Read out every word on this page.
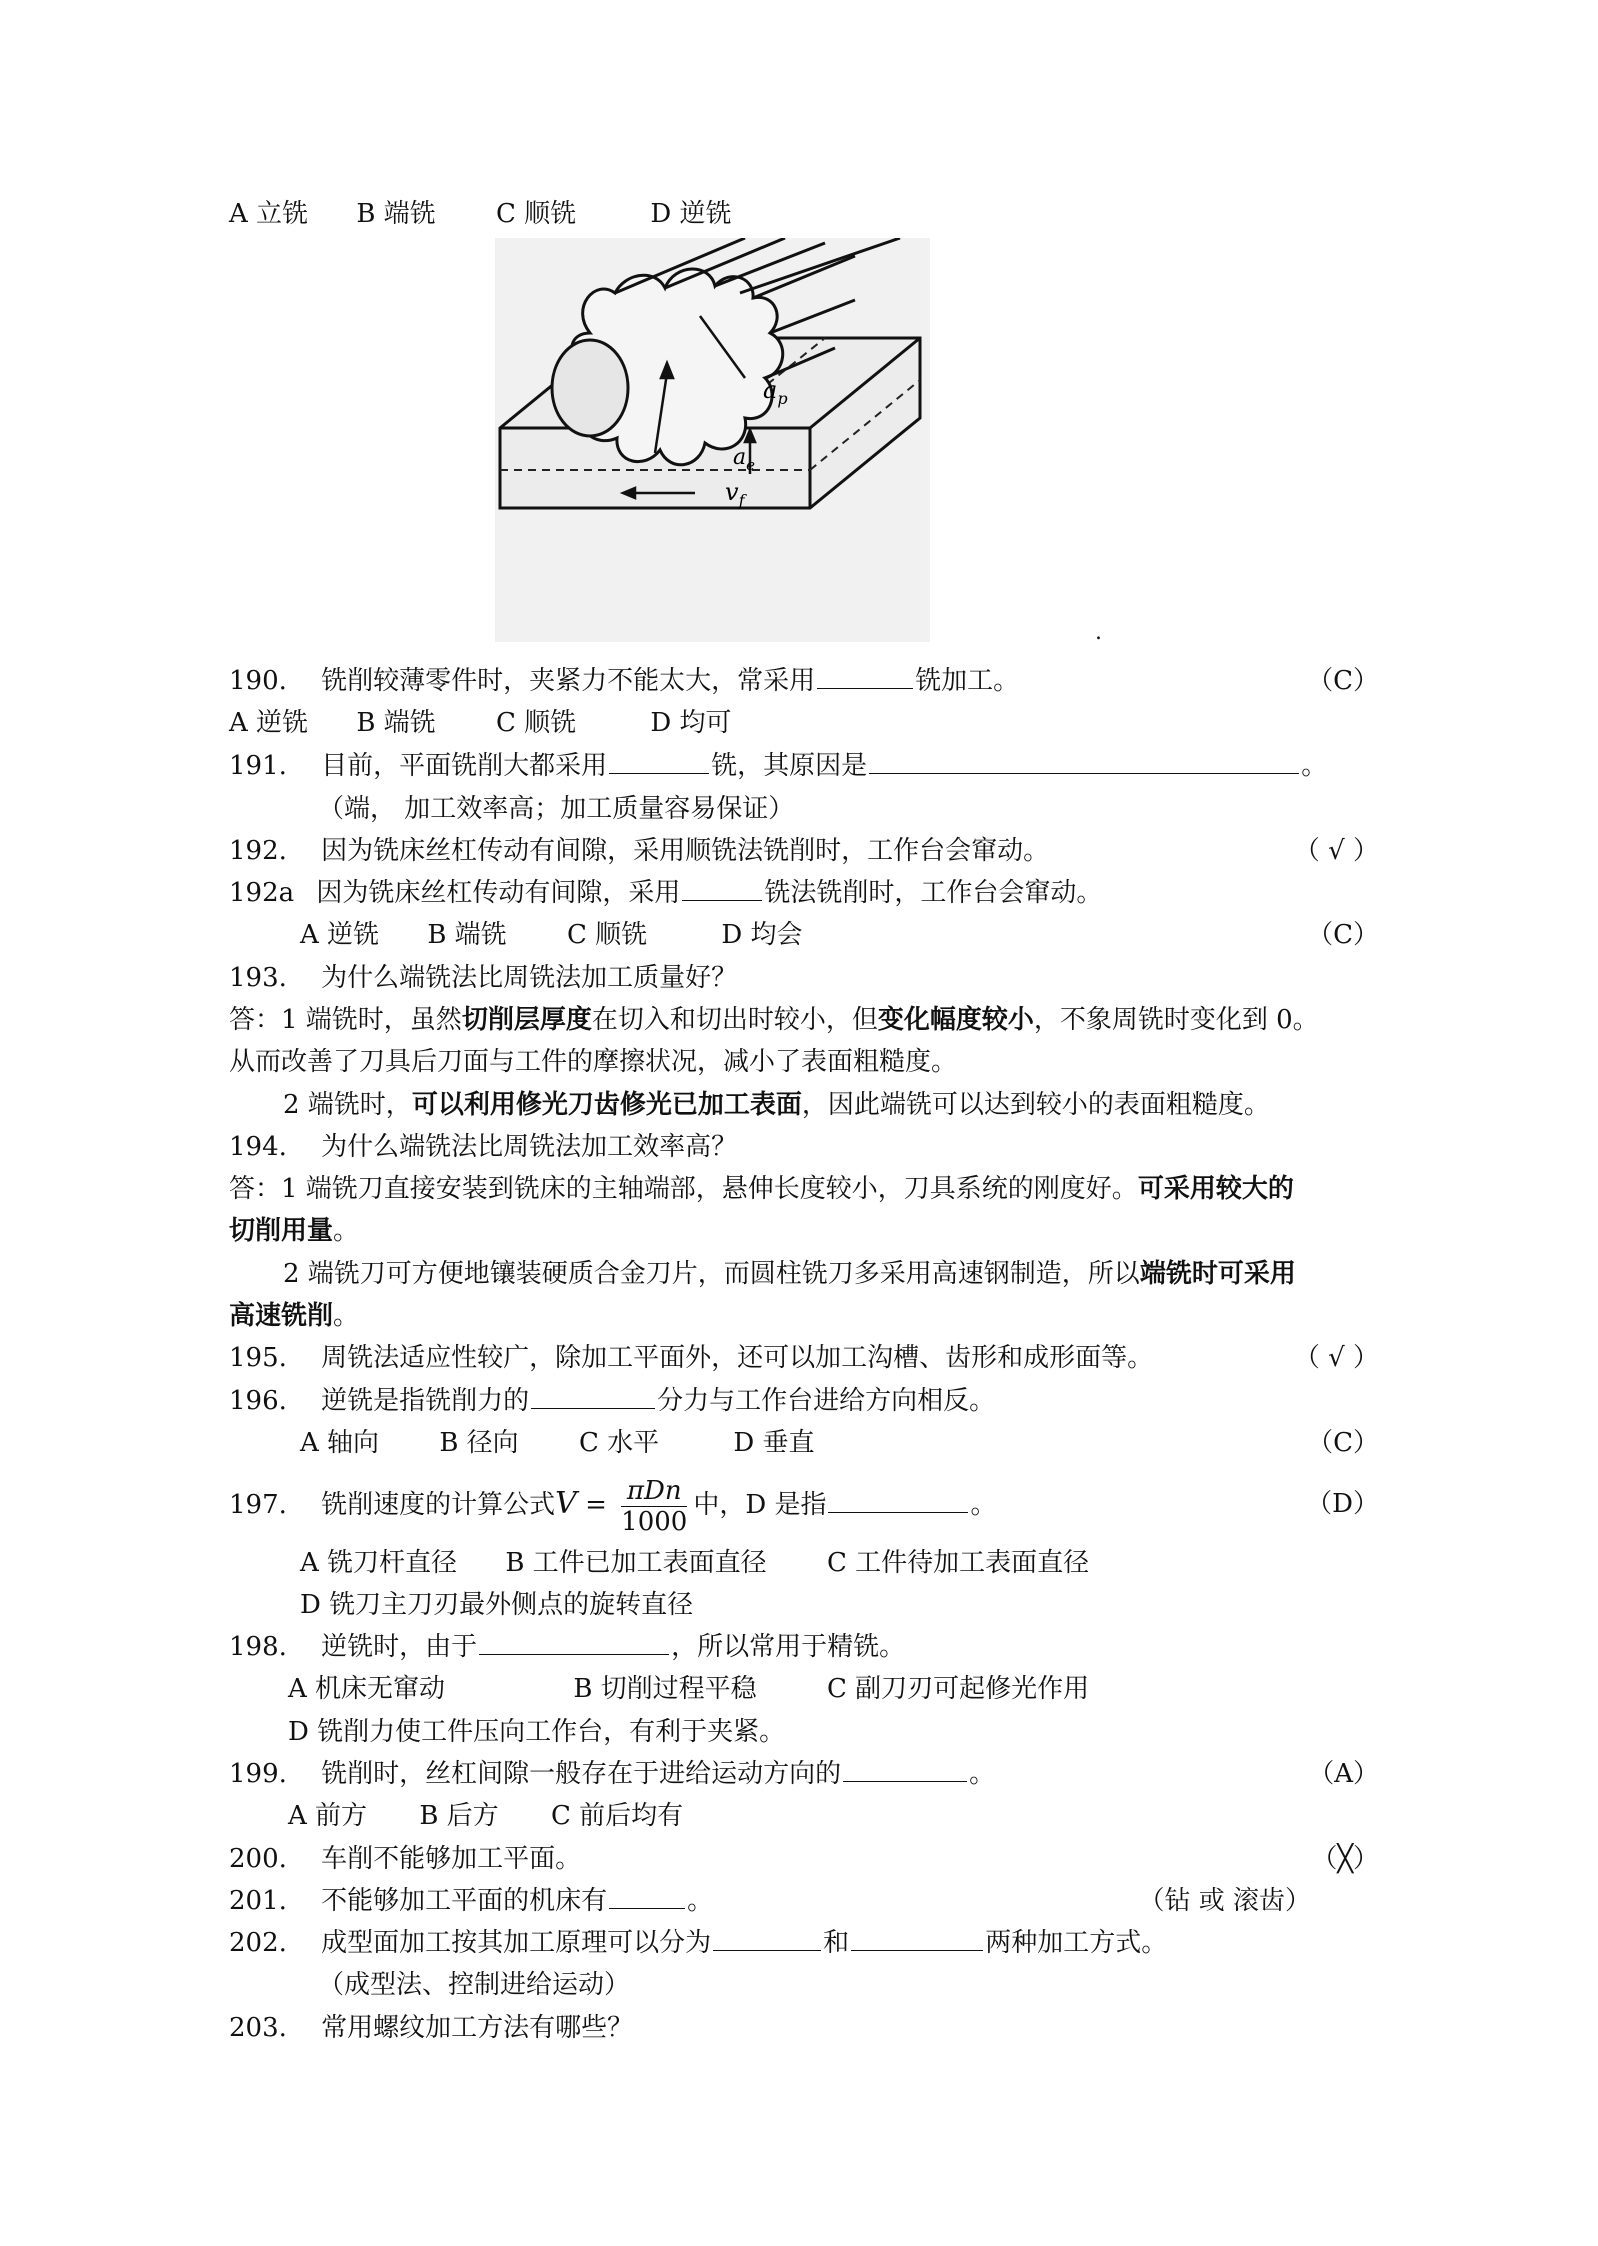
A 立铣 B 端铣 C 顺铣	D 逆铣
$a_p$
$a_e$
$v_f$
.
190. 铣削较薄零件时，夹紧力不能太大，常采用	铣加工。	（C）
A 逆铣 B 端铣 C 顺铣	D 均可
191. 目前，平面铣削大都采用	铣，其原因是	。
（端， 加工效率高；加工质量容易保证）
192. 因为铣床丝杠传动有间隙，采用顺铣法铣削时，工作台会窜动。	（ √ ）
192a 因为铣床丝杠传动有间隙，采用	铣法铣削时，工作台会窜动。
A 逆铣 B 端铣 C 顺铣	D 均会	（C）
193. 为什么端铣法比周铣法加工质量好？
答：1 端铣时，虽然切削层厚度在切入和切出时较小，但变化幅度较小，不象周铣时变化到 0。
从而改善了刀具后刀面与工件的摩擦状况，减小了表面粗糙度。
2 端铣时，可以利用修光刀齿修光已加工表面，因此端铣可以达到较小的表面粗糙度。
194. 为什么端铣法比周铣法加工效率高？
答：1 端铣刀直接安装到铣床的主轴端部，悬伸长度较小，刀具系统的刚度好。可采用较大的
切削用量。
2 端铣刀可方便地镶装硬质合金刀片，而圆柱铣刀多采用高速钢制造，所以端铣时可采用
高速铣削。
195. 周铣法适应性较广，除加工平面外，还可以加工沟槽、齿形和成形面等。	（ √ ）
196. 逆铣是指铣削力的	分力与工作台进给方向相反。
A 轴向 B 径向 C 水平	D 垂直	（C）
197. 铣削速度的计算公式$V = \frac{\text{πDn}}{1000}$ 中，D 是指	。	（D）
A 铣刀杆直径 B 工件已加工表面直径 C 工件待加工表面直径
D 铣刀主刀刃最外侧点的旋转直径
198. 逆铣时，由于	，所以常用于精铣。
A 机床无窜动	B 切削过程平稳	C 副刀刃可起修光作用
D 铣削力使工件压向工作台，有利于夹紧。
199. 铣削时，丝杠间隙一般存在于进给运动方向的	。	（A）
A 前方 B 后方 C 前后均有
200. 车削不能够加工平面。	（╳）
201. 不能够加工平面的机床有	。	（钻 或 滚齿）
202. 成型面加工按其加工原理可以分为	和	两种加工方式。
（成型法、控制进给运动）
203. 常用螺纹加工方法有哪些？
